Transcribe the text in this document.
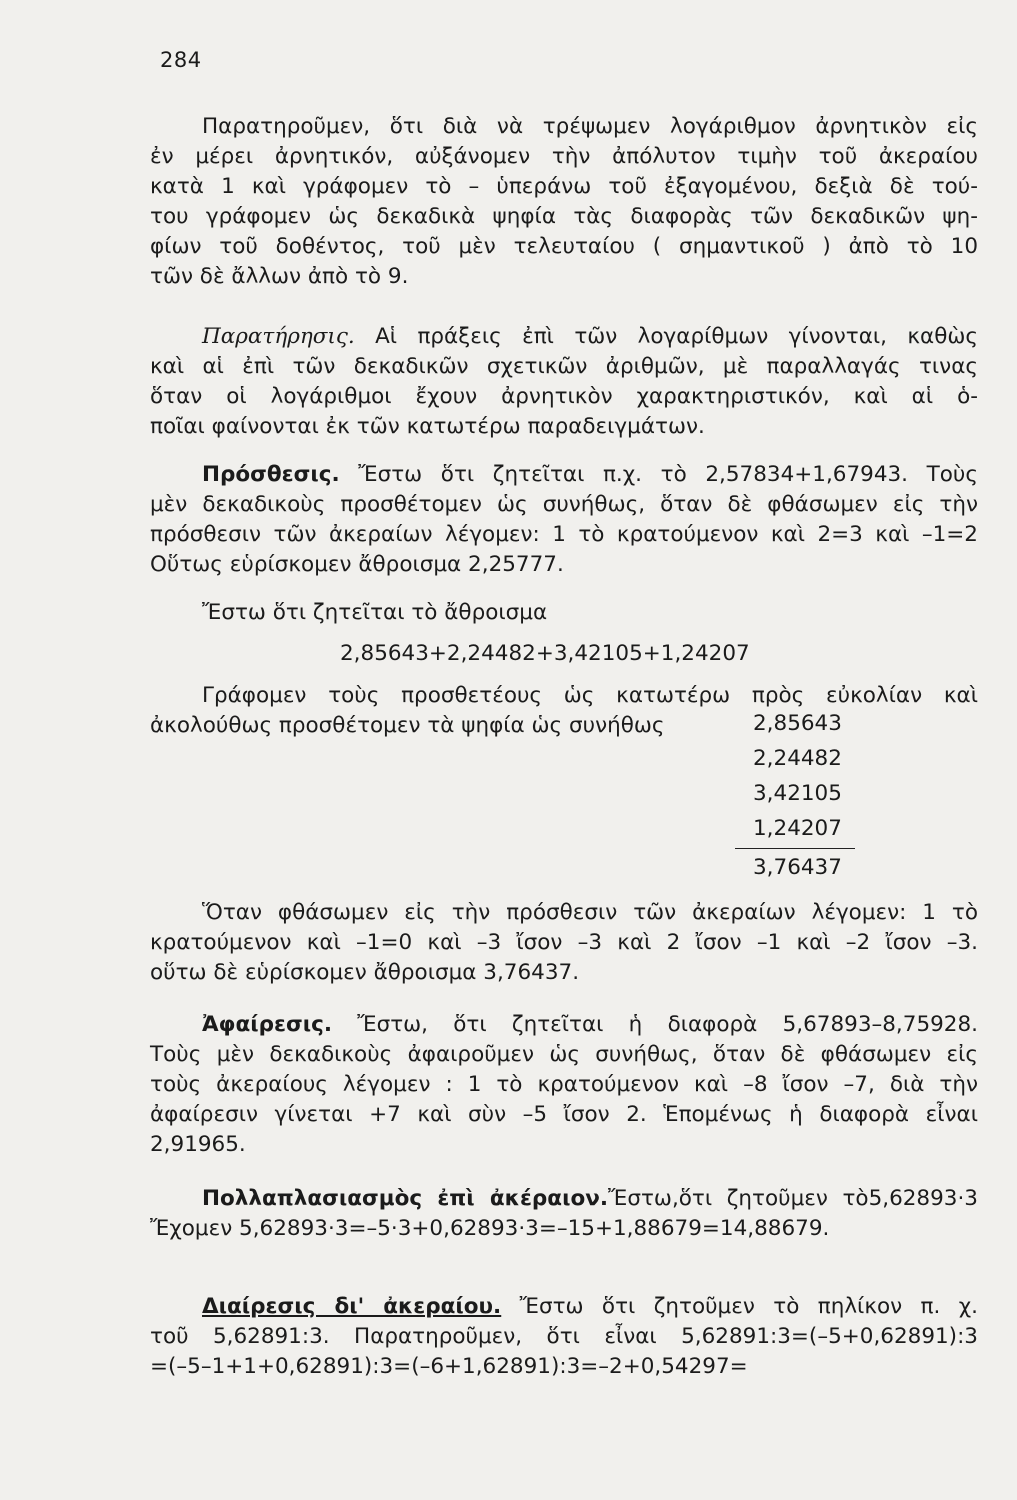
284
Παρατηροῦμεν, ὅτι διὰ νὰ τρέψωμεν λογάριθμον ἀρνητικὸν εἰς
ἐν μέρει ἀρνητικόν, αὐξάνομεν τὴν ἀπόλυτον τιμὴν τοῦ ἀκεραίου
κατὰ 1 καὶ γράφομεν τὸ – ὑπεράνω τοῦ ἐξαγομένου, δεξιὰ δὲ τού-
του γράφομεν ὡς δεκαδικὰ ψηφία τὰς διαφορὰς τῶν δεκαδικῶν ψη-
φίων τοῦ δοθέντος, τοῦ μὲν τελευταίου ( σημαντικοῦ ) ἀπὸ τὸ 10
τῶν δὲ ἄλλων ἀπὸ τὸ 9.
Παρατήρησις. Αἱ πράξεις ἐπὶ τῶν λογαρίθμων γίνονται, καθὼς
καὶ αἱ ἐπὶ τῶν δεκαδικῶν σχετικῶν ἀριθμῶν, μὲ παραλλαγάς τινας
ὅταν οἱ λογάριθμοι ἔχουν ἀρνητικὸν χαρακτηριστικόν, καὶ αἱ ὁ-
ποῖαι φαίνονται ἐκ τῶν κατωτέρω παραδειγμάτων.
Πρόσθεσις. Ἔστω ὅτι ζητεῖται π.χ. τὸ 2,57834+1,67943. Τοὺς
μὲν δεκαδικοὺς προσθέτομεν ὡς συνήθως, ὅταν δὲ φθάσωμεν εἰς τὴν
πρόσθεσιν τῶν ἀκεραίων λέγομεν: 1 τὸ κρατούμενον καὶ 2=3 καὶ –1=2
Οὕτως εὑρίσκομεν ἄθροισμα 2,25777.
Ἔστω ὅτι ζητεῖται τὸ ἄθροισμα
2,85643+2,24482+3,42105+1,24207
Γράφομεν τοὺς προσθετέους ὡς κατωτέρω πρὸς εὐκολίαν καὶ
ἀκολούθως προσθέτομεν τὰ ψηφία ὡς συνήθως	2,85643
2,24482
3,42105
1,24207
3,76437
Ὅταν φθάσωμεν εἰς τὴν πρόσθεσιν τῶν ἀκεραίων λέγομεν: 1 τὸ
κρατούμενον καὶ –1=0 καὶ –3 ἴσον –3 καὶ 2 ἴσον –1 καὶ –2 ἴσον –3.
οὕτω δὲ εὑρίσκομεν ἄθροισμα 3,76437.
Ἀφαίρεσις. Ἔστω, ὅτι ζητεῖται ἡ διαφορὰ 5,67893–8,75928.
Τοὺς μὲν δεκαδικοὺς ἀφαιροῦμεν ὡς συνήθως, ὅταν δὲ φθάσωμεν εἰς
τοὺς ἀκεραίους λέγομεν : 1 τὸ κρατούμενον καὶ –8 ἴσον –7, διὰ τὴν
ἀφαίρεσιν γίνεται +7 καὶ σὺν –5 ἴσον 2. Ἑπομένως ἡ διαφορὰ εἶναι
2,91965.
Πολλαπλασιασμὸς ἐπὶ ἀκέραιον.Ἔστω,ὅτι ζητοῦμεν τὸ5,62893·3
Ἔχομεν 5,62893·3=–5·3+0,62893·3=–15+1,88679=14,88679.
Διαίρεσις δι' ἀκεραίου. Ἔστω ὅτι ζητοῦμεν τὸ πηλίκον π. χ.
τοῦ 5,62891:3. Παρατηροῦμεν, ὅτι εἶναι 5,62891:3=(–5+0,62891):3
=(–5–1+1+0,62891):3=(–6+1,62891):3=–2+0,54297=
